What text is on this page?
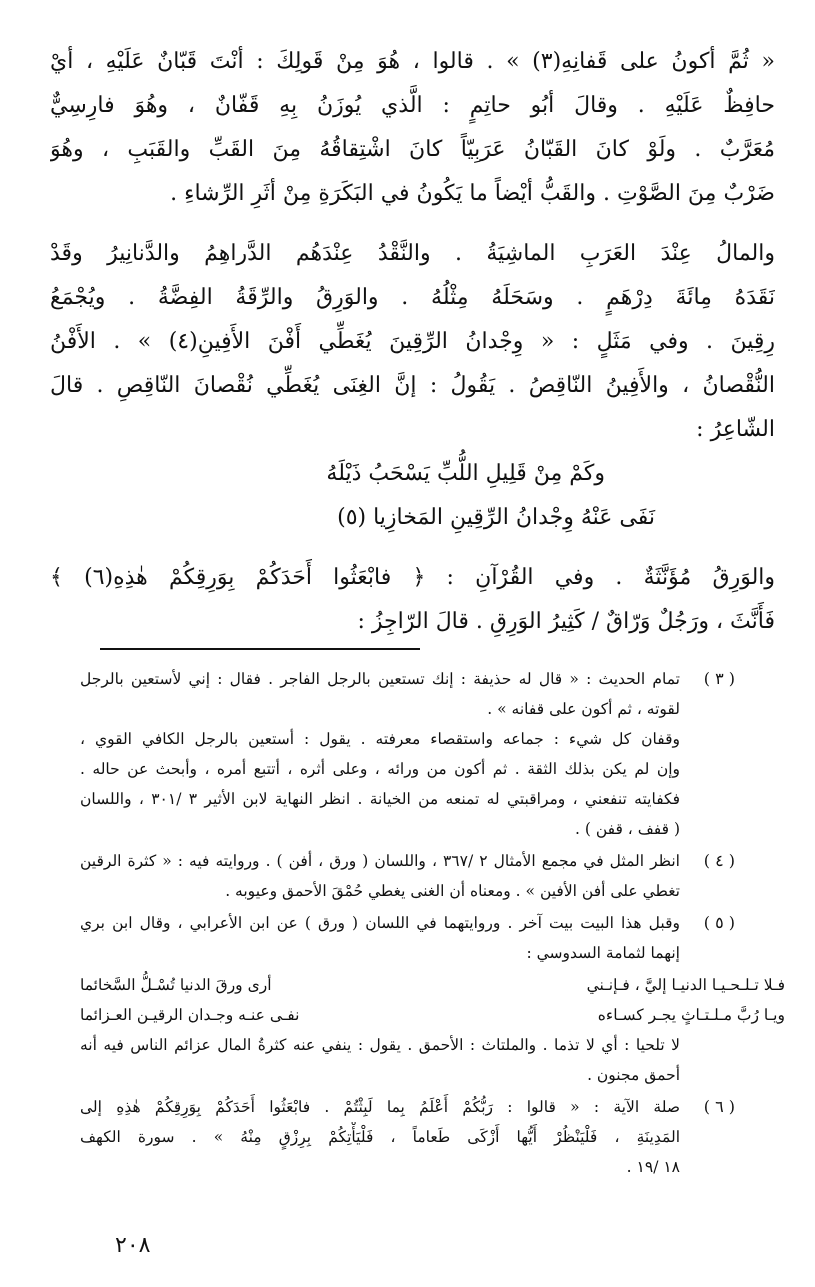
« ثُمَّ أكونُ على قَفانِهِ(٣) » . قالوا ، هُوَ مِنْ قَولِكَ : أنْتَ قَبّانٌ عَلَيْهِ ، أيْ
حافِظٌ عَلَيْهِ . وقالَ أبُو حاتِمٍ : الَّذي يُوزَنُ بِهِ قَفّانٌ ، وهُوَ فارِسِيٌّ
مُعَرَّبٌ . ولَوْ كانَ القَبّانُ عَرَبِيّاً كانَ اشْتِقاقُهُ مِنَ القَبِّ والقَبَبِ ، وهُوَ
ضَرْبٌ مِنَ الصَّوْتِ . والقَبُّ أيْضاً ما يَكُونُ في البَكَرَةِ مِنْ أثَرِ الرِّشاءِ .
والمالُ عِنْدَ العَرَبِ الماشِيَةُ . والنَّقْدُ عِنْدَهُم الدَّراهِمُ والدَّنانِيرُ وقَدْ
نَقَدَهُ مِائَةَ دِرْهَمٍ . وسَحَلَهُ مِثْلُهُ . والوَرِقُ والرِّقَةُ الفِضَّةُ . ويُجْمَعُ
رِقِينَ . وفي مَثَلٍ : « وِجْدانُ الرِّقِينَ يُغَطِّي أَفْنَ الأَفِينِ(٤) » . الأَفْنُ
النُّقْصانُ ، والأَفِينُ النّاقِصُ . يَقُولُ : إنَّ الغِنَى يُغَطِّي نُقْصانَ النّاقِصِ . قالَ
الشّاعِرُ :
وكَمْ مِنْ قَلِيلِ اللُّبِّ يَسْحَبُ ذَيْلَهُ
نَفَى عَنْهُ وِجْدانُ الرِّقِينِ المَخازِيا (٥)
والوَرِقُ مُؤَنَّثَةٌ . وفي القُرْآنِ : ﴿ فابْعَثُوا أَحَدَكُمْ بِوَرِقِكُمْ هٰذِهِ(٦) ﴾
فَأَنَّثَ ، ورَجُلٌ وَرّاقٌ / كَثِيرُ الوَرِقِ . قالَ الرّاجِزُ :
( ٣ )
تمام الحديث : « قال له حذيفة : إنك تستعين بالرجل الفاجر . فقال : إني لأستعين بالرجل
لقوته ، ثم أكون على قفانه » .
وقفان كل شيء : جماعه واستقصاء معرفته . يقول : أستعين بالرجل الكافي القوي ،
وإن لم يكن بذلك الثقة . ثم أكون من ورائه ، وعلى أثره ، أتتبع أمره ، وأبحث عن حاله .
فكفايته تنفعني ، ومراقبتي له تمنعه من الخيانة . انظر النهاية لابن الأثير ٣ /٣٠١ ، واللسان
( قفف ، قفن ) .
( ٤ )
انظر المثل في مجمع الأمثال ٢ /٣٦٧ ، واللسان ( ورق ، أفن ) . وروايته فيه : « كثرة الرقين
تغطي على أفن الأفين » . ومعناه أن الغنى يغطي حُمْقَ الأحمق وعيوبه .
( ٥ )
وقبل هذا البيت بيت آخر . وروايتهما في اللسان ( ورق ) عن ابن الأعرابي ، وقال ابن بري
إنهما لثمامة السدوسي :
فـلا تـلـحـيـا الدنيـا إليَّ ، فـإنـني
أرى ورقَ الدنيا تُسْـلُّ السَّخائما
ويـا رُبَّ مـلـتـاثٍ يجـر كسـاءه
نفـى عنـه وجـدان الرقيـن العـزائما
لا تلحيا : أي لا تذما . والملتاث : الأحمق . يقول : ينفي عنه كثرةُ المال عزائم الناس فيه أنه
أحمق مجنون .
( ٦ )
صلة الآية : « قالوا : رَبُّكُمْ أَعْلَمُ بِما لَبِثْتُمْ . فابْعَثُوا أَحَدَكُمْ بِوَرِقِكُمْ هٰذِهِ إلى
المَدِينَةِ ، فَلْيَنْظُرْ أَيُّها أَزْكَى طَعاماً ، فَلْيَأْتِكُمْ بِرِزْقٍ مِنْهُ » . سورة الكهف
١٨ /١٩ .
٢٠٨
